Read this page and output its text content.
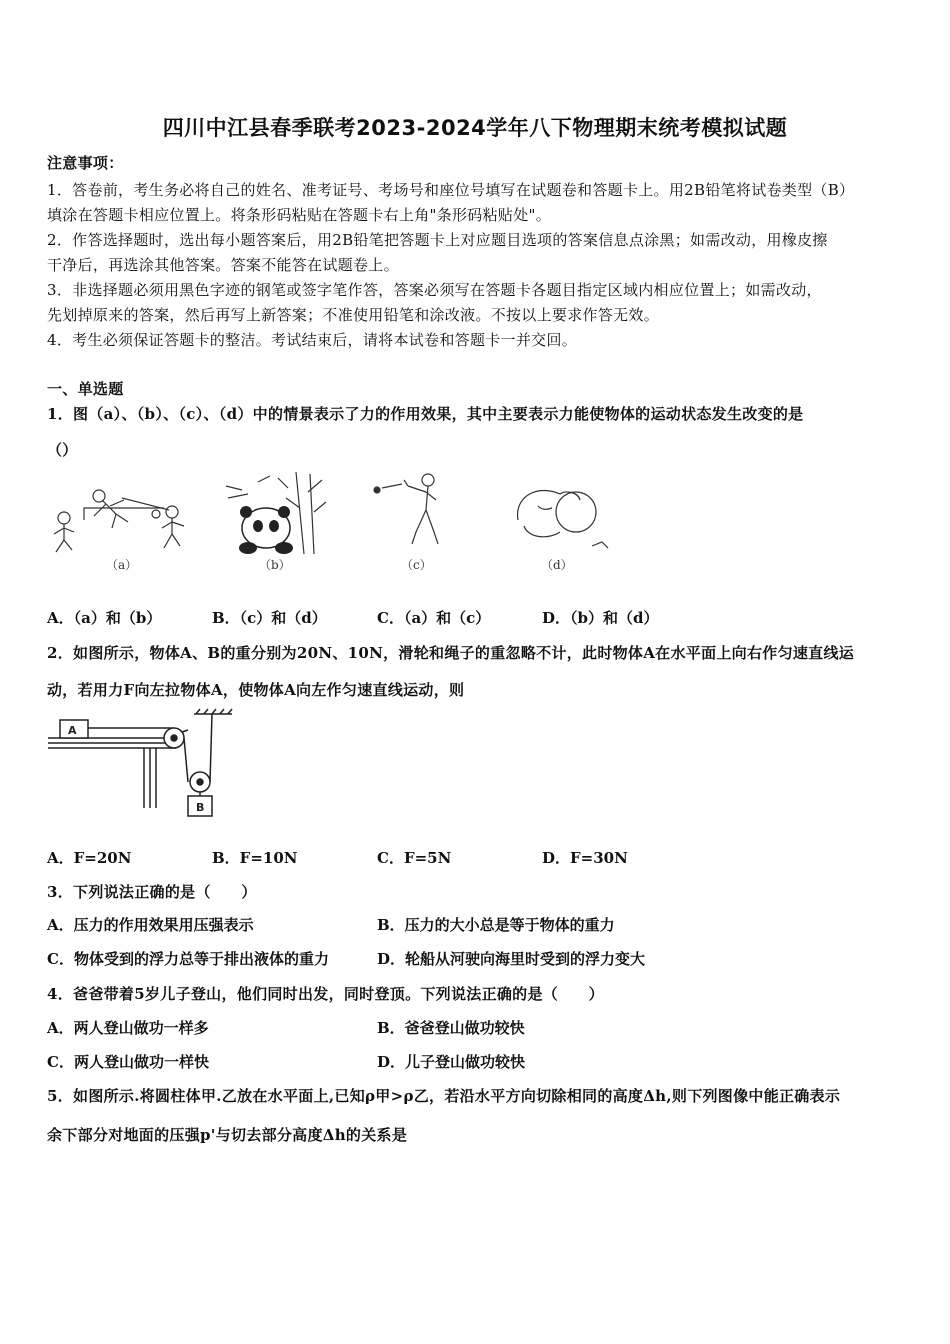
四川中江县春季联考2023-2024学年八下物理期末统考模拟试题
注意事项：
1．答卷前，考生务必将自己的姓名、准考证号、考场号和座位号填写在试题卷和答题卡上。用2B铅笔将试卷类型（B）
填涂在答题卡相应位置上。将条形码粘贴在答题卡右上角"条形码粘贴处"。
2．作答选择题时，选出每小题答案后，用2B铅笔把答题卡上对应题目选项的答案信息点涂黑；如需改动，用橡皮擦
干净后，再选涂其他答案。答案不能答在试题卷上。
3．非选择题必须用黑色字迹的钢笔或签字笔作答，答案必须写在答题卡各题目指定区域内相应位置上；如需改动，
先划掉原来的答案，然后再写上新答案；不准使用铅笔和涂改液。不按以上要求作答无效。
4．考生必须保证答题卡的整洁。考试结束后，请将本试卷和答题卡一并交回。
一、单选题
1．图（a）、（b）、（c）、（d）中的情景表示了力的作用效果，其中主要表示力能使物体的运动状态发生改变的是
（）
（a）	（b）	（c）	（d）
A．（a）和（b）	B．（c）和（d）	C．（a）和（c）	D．（b）和（d）
2．如图所示，物体A、B的重分别为20N、10N，滑轮和绳子的重忽略不计，此时物体A在水平面上向右作匀速直线运
动，若用力F向左拉物体A，使物体A向左作匀速直线运动，则
A
B
A．F=20N	B．F=10N	C．F=5N	D．F=30N
3．下列说法正确的是（　　）
A．压力的作用效果用压强表示	B．压力的大小总是等于物体的重力
C．物体受到的浮力总等于排出液体的重力	D．轮船从河驶向海里时受到的浮力变大
4．爸爸带着5岁儿子登山，他们同时出发，同时登顶。下列说法正确的是（　　）
A．两人登山做功一样多	B．爸爸登山做功较快
C．两人登山做功一样快	D．儿子登山做功较快
5．如图所示.将圆柱体甲.乙放在水平面上,已知ρ甲>ρ乙，若沿水平方向切除相同的高度Δh,则下列图像中能正确表示
余下部分对地面的压强p'与切去部分高度Δh的关系是
